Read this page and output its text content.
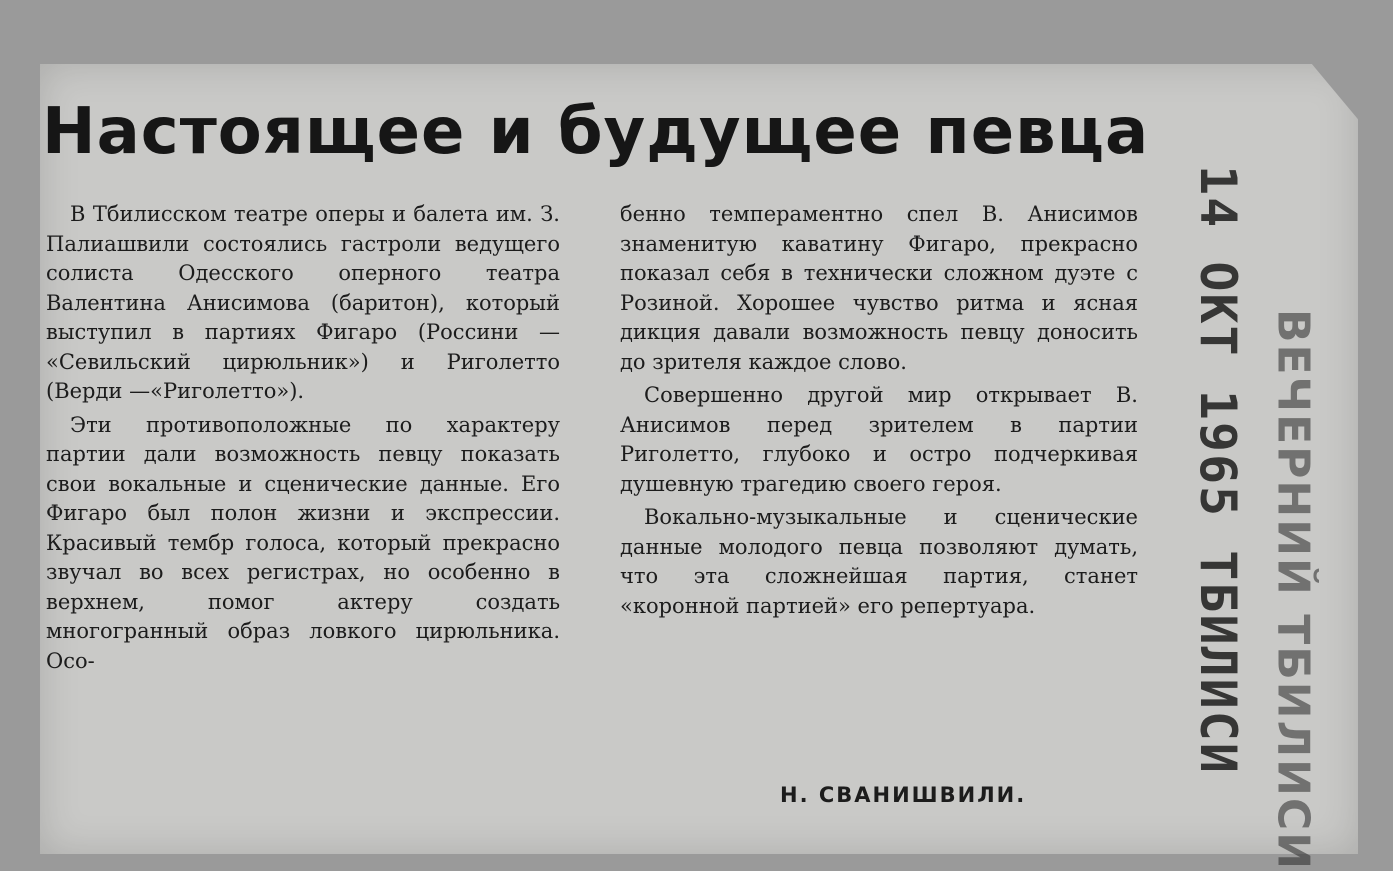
Настоящее и будущее певца

В Тбилисском театре оперы и балета им. З. Палиашвили состоялись гастроли ведущего солиста Одесского оперного театра Валентина Анисимова (баритон), который выступил в партиях Фигаро (Россини — «Севильский цирюльник») и Риголетто (Верди —«Риголетто»).

Эти противоположные по характеру партии дали возможность певцу показать свои вокальные и сценические данные. Его Фигаро был полон жизни и экспрессии. Красивый тембр голоса, который прекрасно звучал во всех регистрах, но особенно в верхнем, помог актеру создать многогранный образ ловкого цирюльника. Осо-

бенно темпераментно спел В. Анисимов знаменитую каватину Фигаро, прекрасно показал себя в технически сложном дуэте с Розиной. Хорошее чувство ритма и ясная дикция давали возможность певцу доносить до зрителя каждое слово.

Совершенно другой мир открывает В. Анисимов перед зрителем в партии Риголетто, глубоко и остро подчеркивая душевную трагедию своего героя.

Вокально-музыкальные и сценические данные молодого певца позволяют думать, что эта сложнейшая партия, станет «коронной партией» его репертуара.

Н. СВАНИШВИЛИ.
14 ОКТ 1965 ТБИЛИСИ ВЕЧЕРНИЙ ТБИЛИСИ
